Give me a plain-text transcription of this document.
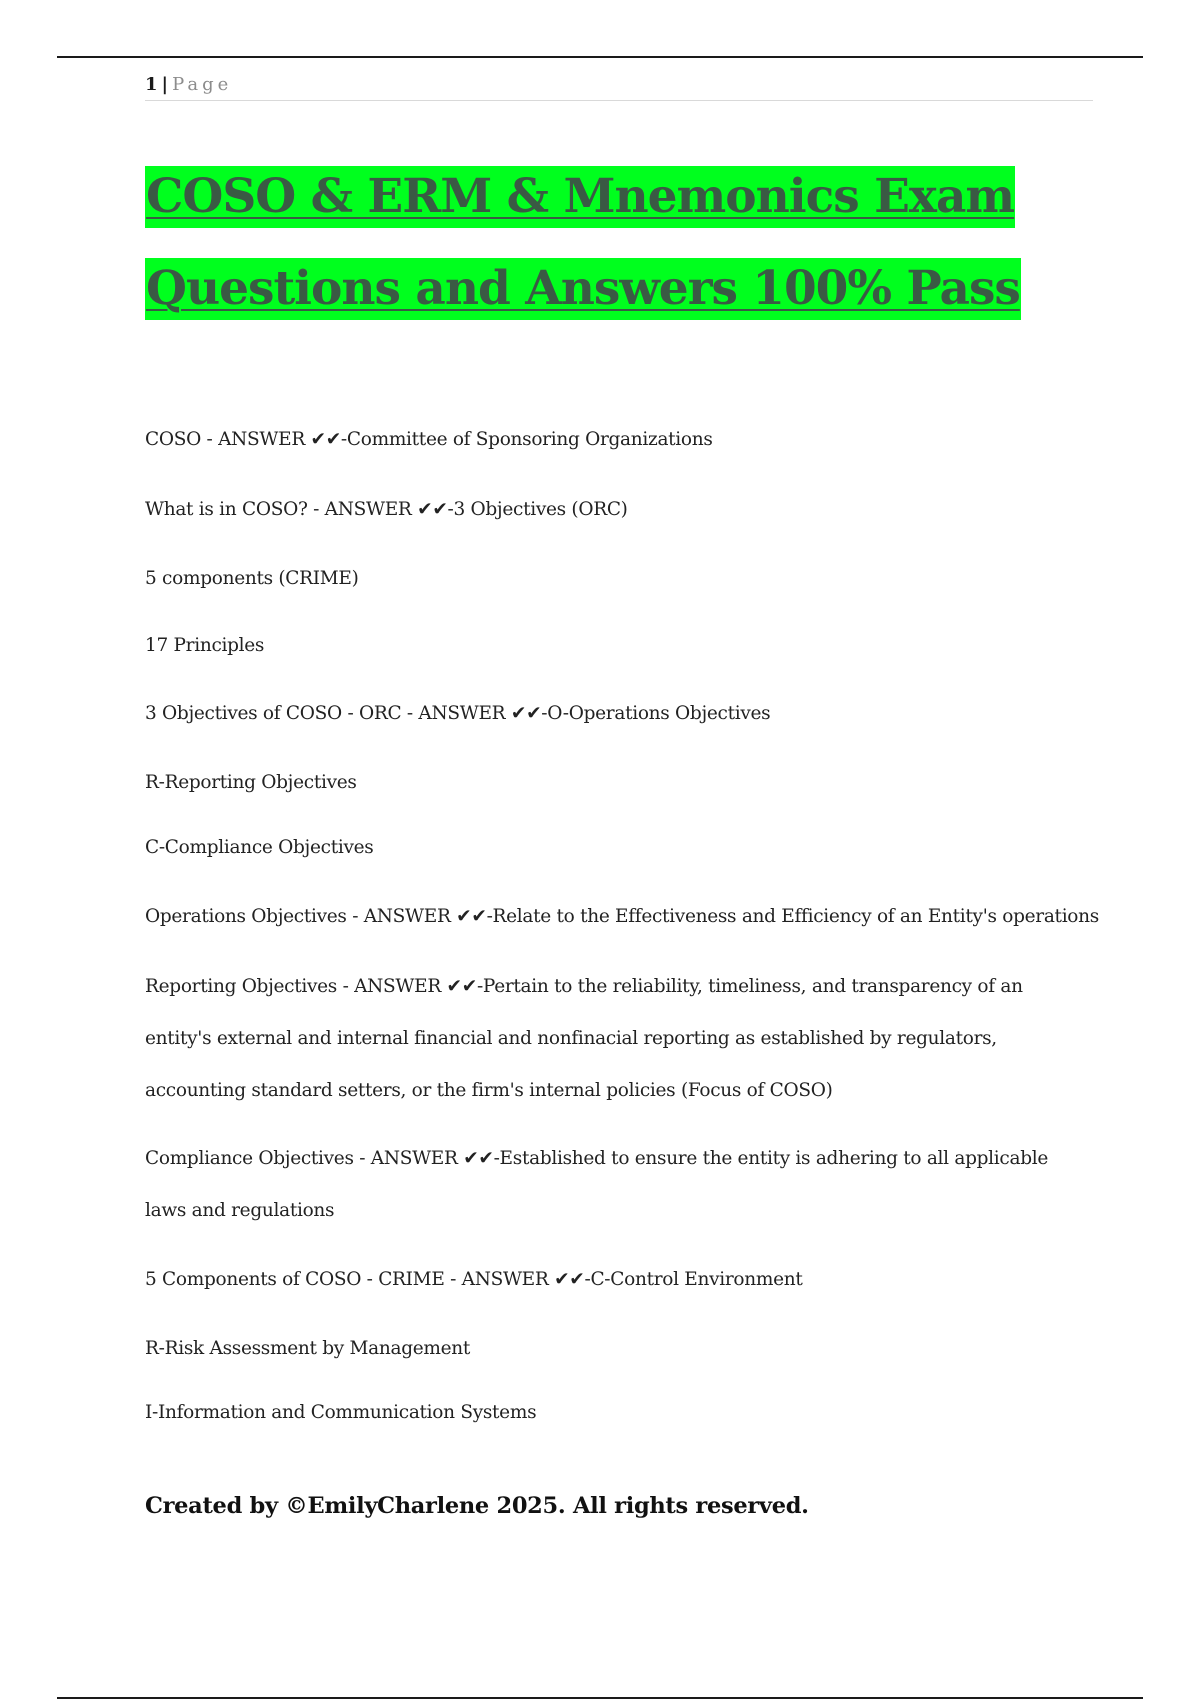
1 | Page
COSO & ERM & Mnemonics Exam
Questions and Answers 100% Pass
COSO - ANSWER ✔✔-Committee of Sponsoring Organizations
What is in COSO? - ANSWER ✔✔-3 Objectives (ORC)
5 components (CRIME)
17 Principles
3 Objectives of COSO - ORC - ANSWER ✔✔-O-Operations Objectives
R-Reporting Objectives
C-Compliance Objectives
Operations Objectives - ANSWER ✔✔-Relate to the Effectiveness and Efficiency of an Entity's operations
Reporting Objectives - ANSWER ✔✔-Pertain to the reliability, timeliness, and transparency of an entity's external and internal financial and nonfinacial reporting as established by regulators, accounting standard setters, or the firm's internal policies (Focus of COSO)
Compliance Objectives - ANSWER ✔✔-Established to ensure the entity is adhering to all applicable laws and regulations
5 Components of COSO - CRIME - ANSWER ✔✔-C-Control Environment
R-Risk Assessment by Management
I-Information and Communication Systems
Created by ©EmilyCharlene 2025. All rights reserved.
